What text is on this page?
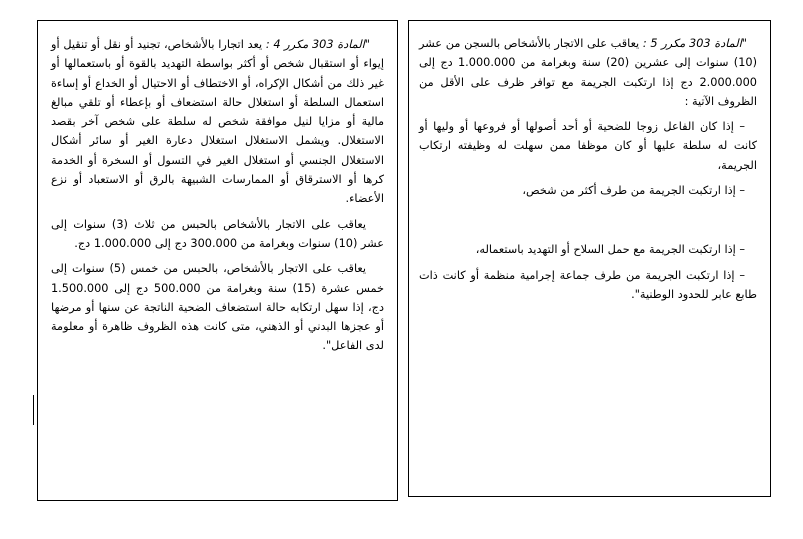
"المادة 303 مكرر 4 : يعد اتجارا بالأشخاص، تجنيد أو نقل أو تنقيل أو إيواء أو استقبال شخص أو أكثر بواسطة التهديد بالقوة أو باستعمالها أو غير ذلك من أشكال الإكراه، أو الاختطاف أو الاحتيال أو الخداع أو إساءة استعمال السلطة أو استغلال حالة استضعاف أو بإعطاء أو تلقي مبالغ مالية أو مزايا لنيل موافقة شخص له سلطة على شخص آخر بقصد الاستغلال. ويشمل الاستغلال استغلال دعارة الغير أو سائر أشكال الاستغلال الجنسي أو استغلال الغير في التسول أو السخرة أو الخدمة كرها أو الاسترقاق أو الممارسات الشبيهة بالرق أو الاستعباد أو نزع الأعضاء.

يعاقب على الاتجار بالأشخاص بالحبس من ثلاث (3) سنوات إلى عشر (10) سنوات وبغرامة من 300.000 دج إلى 1.000.000 دج.

يعاقب على الاتجار بالأشخاص، بالحبس من خمس (5) سنوات إلى خمس عشرة (15) سنة وبغرامة من 500.000 دج إلى 1.500.000 دج، إذا سهل ارتكابه حالة استضعاف الضحية الناتجة عن سنها أو مرضها أو عجزها البدني أو الذهني، متى كانت هذه الظروف ظاهرة أو معلومة لدى الفاعل".

"المادة 303 مكرر 5 : يعاقب على الاتجار بالأشخاص بالسجن من عشر (10) سنوات إلى عشرين (20) سنة وبغرامة من 1.000.000 دج إلى 2.000.000 دج إذا ارتكبت الجريمة مع توافر ظرف على الأقل من الظروف الآتية :

– إذا كان الفاعل زوجا للضحية أو أحد أصولها أو فروعها أو وليها أو كانت له سلطة عليها أو كان موظفا ممن سهلت له وظيفته ارتكاب الجريمة،

– إذا ارتكبت الجريمة من طرف أكثر من شخص،

– إذا ارتكبت الجريمة مع حمل السلاح أو التهديد باستعماله،

– إذا ارتكبت الجريمة من طرف جماعة إجرامية منظمة أو كانت ذات طابع عابر للحدود الوطنية".
